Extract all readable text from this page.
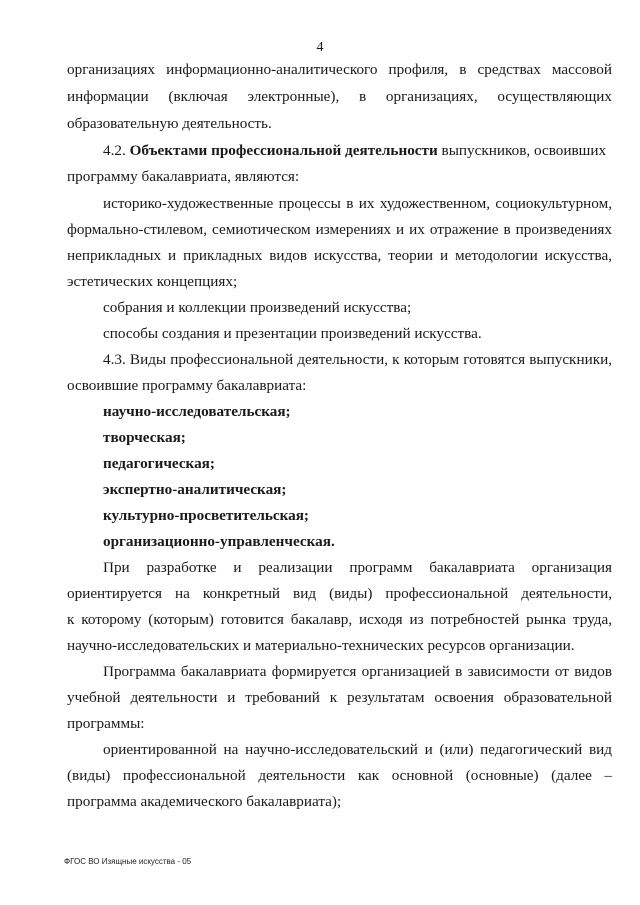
4
организациях информационно-аналитического профиля, в средствах массовой
информации (включая электронные), в организациях, осуществляющих
образовательную деятельность.
4.2. Объектами профессиональной деятельности выпускников, освоивших
программу бакалавриата, являются:
историко-художественные процессы в их художественном, социокультурном,
формально-стилевом, семиотическом измерениях и их отражение в произведениях
неприкладных и прикладных видов искусства, теории и методологии искусства,
эстетических концепциях;
собрания и коллекции произведений искусства;
способы создания и презентации произведений искусства.
4.3. Виды профессиональной деятельности, к которым готовятся выпускники,
освоившие программу бакалавриата:
научно-исследовательская;
творческая;
педагогическая;
экспертно-аналитическая;
культурно-просветительская;
организационно-управленческая.
При разработке и реализации программ бакалавриата организация
ориентируется на конкретный вид (виды) профессиональной деятельности,
к которому (которым) готовится бакалавр, исходя из потребностей рынка труда,
научно-исследовательских и материально-технических ресурсов организации.
Программа бакалавриата формируется организацией в зависимости от видов
учебной деятельности и требований к результатам освоения образовательной
программы:
ориентированной на научно-исследовательский и (или) педагогический вид
(виды) профессиональной деятельности как основной (основные) (далее –
программа академического бакалавриата);
ФГОС ВО Изящные искусства - 05
